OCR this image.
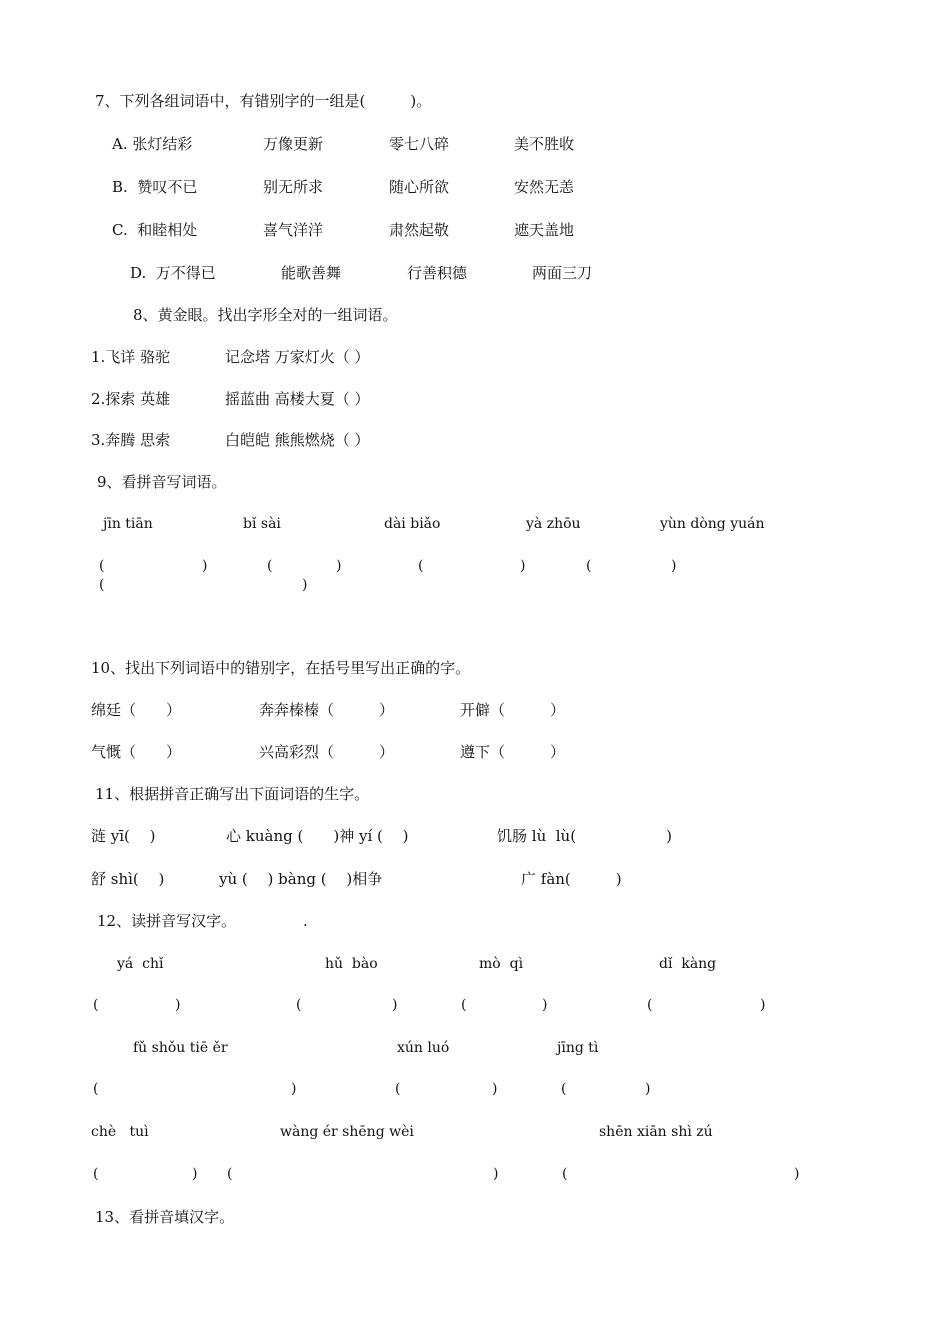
7、下列各组词语中，有错别字的一组是(　　　)。
A. 张灯结彩	万像更新	零七八碎	美不胜收
B.  赞叹不已	别无所求	随心所欲	安然无恙
C.  和睦相处	喜气洋洋	肃然起敬	遮天盖地
D.  万不得已	能歌善舞	行善积德	两面三刀
8、黄金眼。找出字形全对的一组词语。
1.飞详 骆驼	记念塔 万家灯火（ ）
2.探索 英雄	摇蓝曲 高楼大夏（ ）
3.奔腾 思索	白皑皑 熊熊燃烧（ ）
9、看拼音写词语。
jīn tiān	bǐ sài	dài biǎo	yà zhōu	yùn dòng yuán
(	)	(	)	(	)	(	)
(	)
10、找出下列词语中的错别字，在括号里写出正确的字。
绵廷（　　）	奔奔榛榛（　　　）	开僻（　　　）
气慨（　　）	兴高彩烈（　　　）	遵下（　　　）
11、根据拼音正确写出下面词语的生字。
涟 yī(　 )	心 kuàng (　　)神 yí (　 )	饥肠 lù  lù(　　　　　　)
舒 shì(　 )	yù (　 ) bàng (　 )相争	广 fàn(　　　)
12、读拼音写汉字。	.
yá  chǐ	hǔ  bào	mò  qì	dǐ  kàng
(	)	(	)	(	)	(	)
fǔ shǒu tiē ěr	xún luó	jīng tì
(	)	(	)	(	)
chè   tuì	wàng ér shēng wèi	shēn xiān shì zú
(	) (	)	(	)
13、看拼音填汉字。
